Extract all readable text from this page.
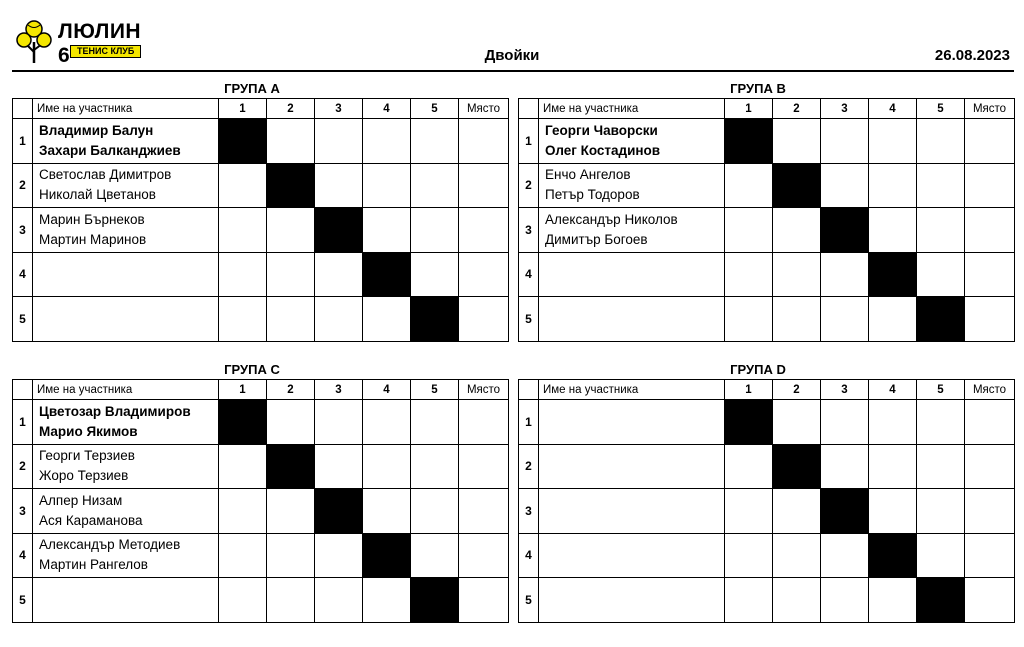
ЛЮЛИН 6 ТЕНИС КЛУБ	Двойки	26.08.2023
ГРУПА A
	Име на участника	1	2	3	4	5	Място
1	Владимир Балун
Захари Балканджиев						

2	Светослав Димитров
Николай Цветанов						

3	Марин Бърнеков
Мартин Маринов						

4	

5	

ГРУПА B
	Име на участника	1	2	3	4	5	Място
1	Георги Чаворски
Олег Костадинов						

2	Енчо Ангелов
Петър Тодоров						

3	Александър Николов
Димитър Богоев						

4	

5	

ГРУПА C
	Име на участника	1	2	3	4	5	Място
1	Цветозар Владимиров
Марио Якимов						

2	Георги Терзиев
Жоро Терзиев						

3	Алпер Низам
Ася Караманова						

4	Александър Методиев
Мартин Рангелов						

5	

ГРУПА D
	Име на участника	1	2	3	4	5	Място
1	

2	

3	

4	

5	
